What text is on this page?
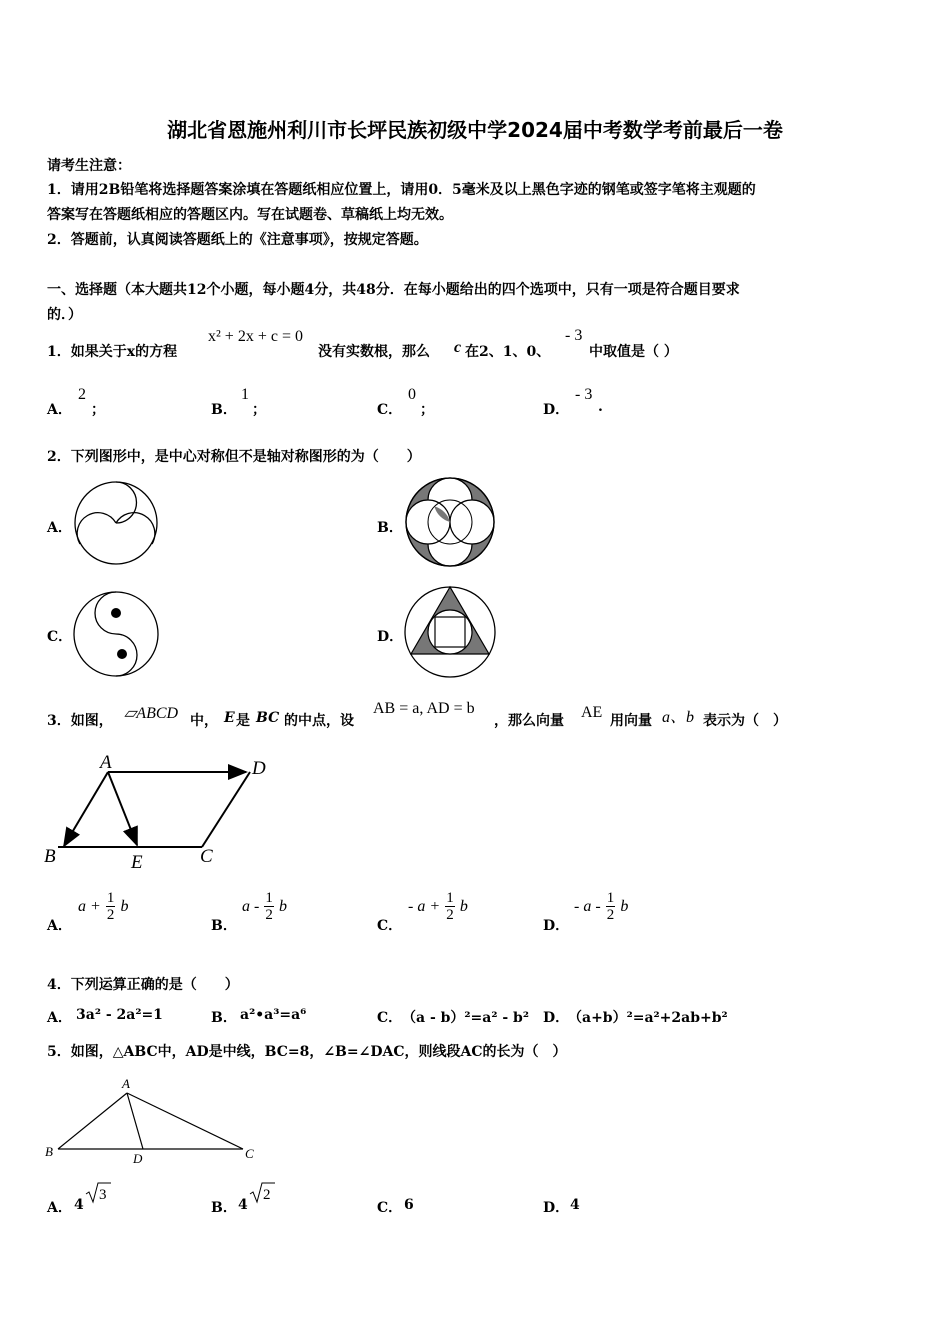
湖北省恩施州利川市长坪民族初级中学2024届中考数学考前最后一卷
请考生注意：
1．请用2B铅笔将选择题答案涂填在答题纸相应位置上，请用0．5毫米及以上黑色字迹的钢笔或签字笔将主观题的
答案写在答题纸相应的答题区内。写在试题卷、草稿纸上均无效。
2．答题前，认真阅读答题纸上的《注意事项》，按规定答题。
一、选择题（本大题共12个小题，每小题4分，共48分．在每小题给出的四个选项中，只有一项是符合题目要求
的．）
1．如果关于x的方程
x² + 2x + c = 0
没有实数根，那么 c 在2、1、0、
- 3
中取值是（ ）
A．
2
；	B．
1
；	C．
0
；	D．
- 3
.
2．下列图形中，是中心对称但不是轴对称图形的为（　　）
A．	B．
C．	D．
3．如图， ▱ABCD 中， E 是 BC 的中点，设
AB = a, AD = b
，那么向量 AE 用向量 a、b 表示为（　）
A	D
B	E	C
A．
$a + \frac{1}{2}$ b
B．
a - $\frac{1}{2}$ b
C．
- $a + \frac{1}{2}$ b
D．
- a - $\frac{1}{2}$ b
4．下列运算正确的是（　　）
A． 3a² - 2a²=1	B． a²•a³=a⁶	C． （a - b）²=a² - b² D．
（a+b）²=a²+2ab+b²
5．如图，△ABC中，AD是中线，BC=8，∠B=∠DAC，则线段AC的长为（　）
A
B	D	C
A． 4
3
B． 4
2
C． 6	D． 4
